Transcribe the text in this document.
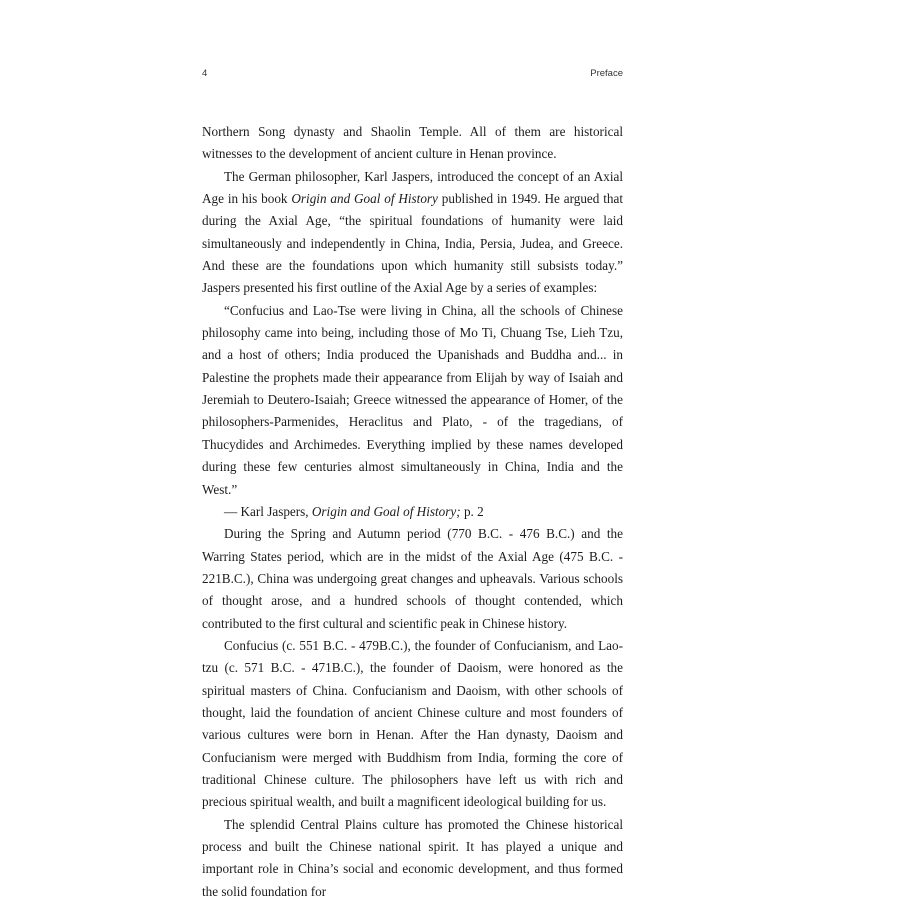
4	Preface

Northern Song dynasty and Shaolin Temple. All of them are historical witnesses to the development of ancient culture in Henan province.

The German philosopher, Karl Jaspers, introduced the concept of an Axial Age in his book Origin and Goal of History published in 1949. He argued that during the Axial Age, “the spiritual foundations of humanity were laid simultaneously and independently in China, India, Persia, Judea, and Greece. And these are the foundations upon which humanity still subsists today.” Jaspers presented his first outline of the Axial Age by a series of examples:

“Confucius and Lao-Tse were living in China, all the schools of Chinese philosophy came into being, including those of Mo Ti, Chuang Tse, Lieh Tzu, and a host of others; India produced the Upanishads and Buddha and... in Palestine the prophets made their appearance from Elijah by way of Isaiah and Jeremiah to Deutero-Isaiah; Greece witnessed the appearance of Homer, of the philosophers-Parmenides, Heraclitus and Plato, - of the tragedians, of Thucydides and Archimedes. Everything implied by these names developed during these few centuries almost simultaneously in China, India and the West.”

— Karl Jaspers, Origin and Goal of History; p. 2

During the Spring and Autumn period (770 B.C. - 476 B.C.) and the Warring States period, which are in the midst of the Axial Age (475 B.C. - 221B.C.), China was undergoing great changes and upheavals. Various schools of thought arose, and a hundred schools of thought contended, which contributed to the first cultural and scientific peak in Chinese history.

Confucius (c. 551 B.C. - 479B.C.), the founder of Confucianism, and Lao-tzu (c. 571 B.C. - 471B.C.), the founder of Daoism, were honored as the spiritual masters of China. Confucianism and Daoism, with other schools of thought, laid the foundation of ancient Chinese culture and most founders of various cultures were born in Henan. After the Han dynasty, Daoism and Confucianism were merged with Buddhism from India, forming the core of traditional Chinese culture. The philosophers have left us with rich and precious spiritual wealth, and built a magnificent ideological building for us.

The splendid Central Plains culture has promoted the Chinese historical process and built the Chinese national spirit. It has played a unique and important role in China’s social and economic development, and thus formed the solid foundation for
